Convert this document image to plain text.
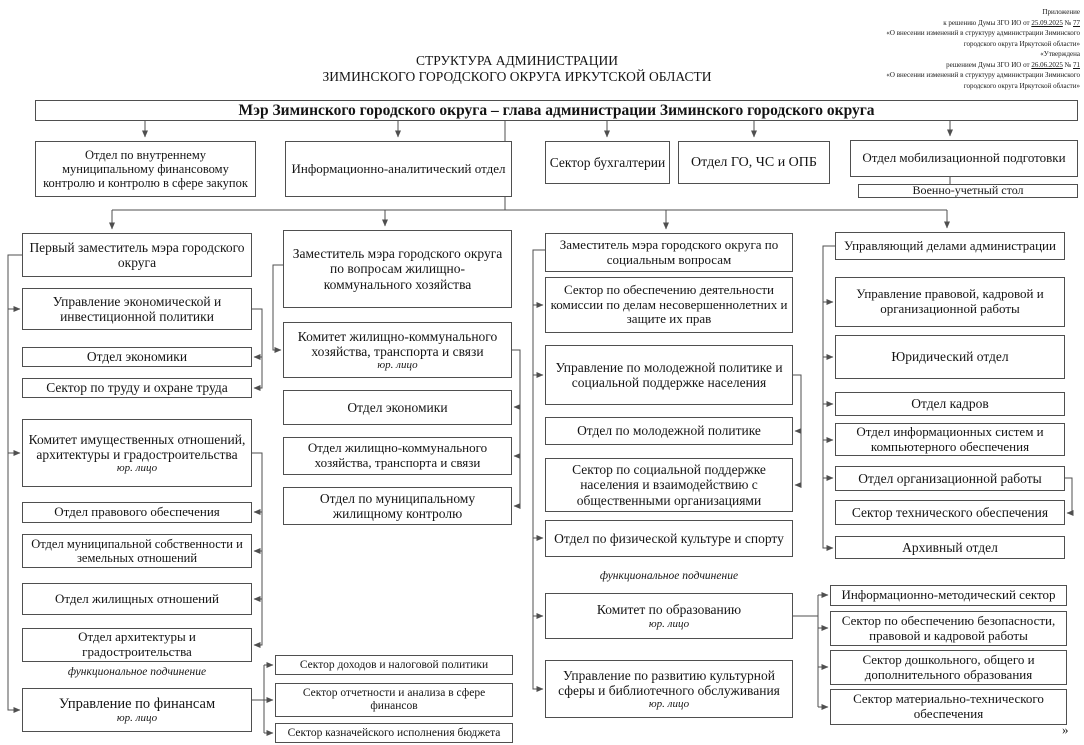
Приложение
к решению Думы ЗГО ИО от 25.09.2025 № 77
«О внесении изменений в структуру администрации Зиминского
городского округа Иркутской области»
«Утверждена
решением Думы ЗГО ИО от 26.06.2025 № 71
«О внесении изменений в структуру администрации Зиминского
городского округа Иркутской области»
СТРУКТУРА АДМИНИСТРАЦИИ
ЗИМИНСКОГО ГОРОДСКОГО ОКРУГА ИРКУТСКОЙ ОБЛАСТИ
Мэр Зиминского городского округа – глава администрации Зиминского городского округа
Отдел по внутреннему муниципальному финансовому контролю и контролю в сфере закупок
Информационно-аналитический отдел	Сектор бухгалтерии Отдел ГО, ЧС и ОПБ	Отдел мобилизационной подготовки
Военно-учетный стол
Первый заместитель мэра городского округа
Управление экономической и инвестиционной политики
Отдел экономики
Сектор по труду и охране труда
Комитет имущественных отношений, архитектуры и градостроительства
юр. лицо
Отдел правового обеспечения
Отдел муниципальной собственности и земельных отношений
Отдел жилищных отношений
Отдел архитектуры и градостроительства
Управление по финансам
юр. лицо
Заместитель мэра городского округа по вопросам жилищно-коммунального хозяйства
Комитет жилищно-коммунального хозяйства, транспорта и связи
юр. лицо
Отдел экономики
Отдел жилищно-коммунального хозяйства, транспорта и связи
Отдел по муниципальному жилищному контролю
Сектор доходов и налоговой политики
Сектор отчетности и анализа в сфере финансов
Сектор казначейского исполнения бюджета
Заместитель мэра городского округа по социальным вопросам
Сектор по обеспечению деятельности комиссии по делам несовершеннолетних и защите их прав
Управление по молодежной политике и социальной поддержке населения
Отдел по молодежной политике
Сектор по социальной поддержке населения и взаимодействию с общественными организациями
Отдел по физической культуре и спорту
Комитет по образованию
юр. лицо
Управление по развитию культурной сферы и библиотечного обслуживания
юр. лицо
Информационно-методический сектор
Сектор по обеспечению безопасности, правовой и кадровой работы
Сектор дошкольного, общего и дополнительного образования
Сектор материально-технического обеспечения
Управляющий делами администрации
Управление правовой, кадровой и организационной работы
Юридический отдел
Отдел кадров
Отдел информационных систем и компьютерного обеспечения
Отдел организационной работы
Сектор технического обеспечения
Архивный отдел
функциональное подчинение
функциональное подчинение
»
